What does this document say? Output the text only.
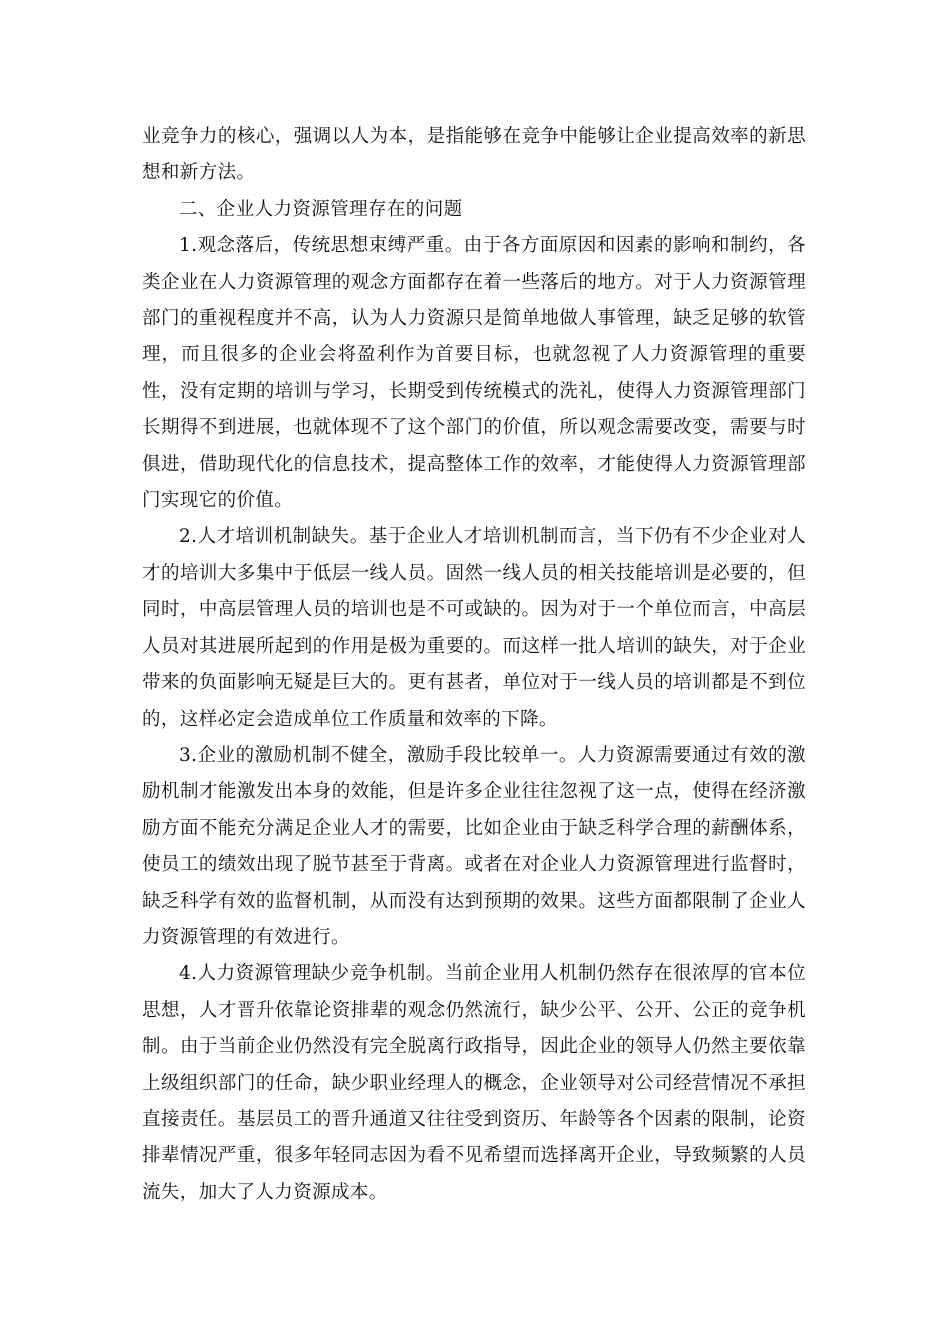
业竞争力的核心，强调以人为本，是指能够在竞争中能够让企业提高效率的新思想和新方法。

二、企业人力资源管理存在的问题

1.观念落后，传统思想束缚严重。由于各方面原因和因素的影响和制约，各类企业在人力资源管理的观念方面都存在着一些落后的地方。对于人力资源管理部门的重视程度并不高，认为人力资源只是简单地做人事管理，缺乏足够的软管理，而且很多的企业会将盈利作为首要目标，也就忽视了人力资源管理的重要性，没有定期的培训与学习，长期受到传统模式的洗礼，使得人力资源管理部门长期得不到进展，也就体现不了这个部门的价值，所以观念需要改变，需要与时俱进，借助现代化的信息技术，提高整体工作的效率，才能使得人力资源管理部门实现它的价值。

2.人才培训机制缺失。基于企业人才培训机制而言，当下仍有不少企业对人才的培训大多集中于低层一线人员。固然一线人员的相关技能培训是必要的，但同时，中高层管理人员的培训也是不可或缺的。因为对于一个单位而言，中高层人员对其进展所起到的作用是极为重要的。而这样一批人培训的缺失，对于企业带来的负面影响无疑是巨大的。更有甚者，单位对于一线人员的培训都是不到位的，这样必定会造成单位工作质量和效率的下降。

3.企业的激励机制不健全，激励手段比较单一。人力资源需要通过有效的激励机制才能激发出本身的效能，但是许多企业往往忽视了这一点，使得在经济激励方面不能充分满足企业人才的需要，比如企业由于缺乏科学合理的薪酬体系，使员工的绩效出现了脱节甚至于背离。或者在对企业人力资源管理进行监督时，缺乏科学有效的监督机制，从而没有达到预期的效果。这些方面都限制了企业人力资源管理的有效进行。

4.人力资源管理缺少竞争机制。当前企业用人机制仍然存在很浓厚的官本位思想，人才晋升依靠论资排辈的观念仍然流行，缺少公平、公开、公正的竞争机制。由于当前企业仍然没有完全脱离行政指导，因此企业的领导人仍然主要依靠上级组织部门的任命，缺少职业经理人的概念，企业领导对公司经营情况不承担直接责任。基层员工的晋升通道又往往受到资历、年龄等各个因素的限制，论资排辈情况严重，很多年轻同志因为看不见希望而选择离开企业，导致频繁的人员流失，加大了人力资源成本。
